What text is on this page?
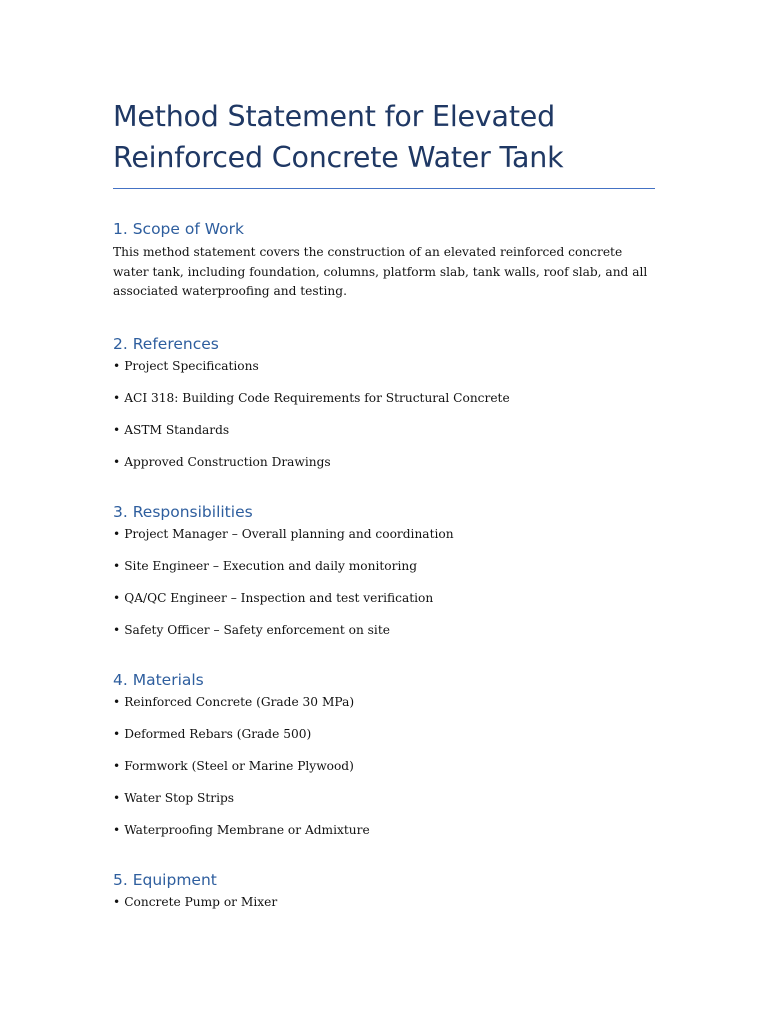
Method Statement for Elevated
Reinforced Concrete Water Tank
1. Scope of Work

This method statement covers the construction of an elevated reinforced concrete water tank, including foundation, columns, platform slab, tank walls, roof slab, and all associated waterproofing and testing.

2. References
• Project Specifications
• ACI 318: Building Code Requirements for Structural Concrete
• ASTM Standards
• Approved Construction Drawings
3. Responsibilities
• Project Manager – Overall planning and coordination
• Site Engineer – Execution and daily monitoring
• QA/QC Engineer – Inspection and test verification
• Safety Officer – Safety enforcement on site
4. Materials
• Reinforced Concrete (Grade 30 MPa)
• Deformed Rebars (Grade 500)
• Formwork (Steel or Marine Plywood)
• Water Stop Strips
• Waterproofing Membrane or Admixture
5. Equipment
• Concrete Pump or Mixer
